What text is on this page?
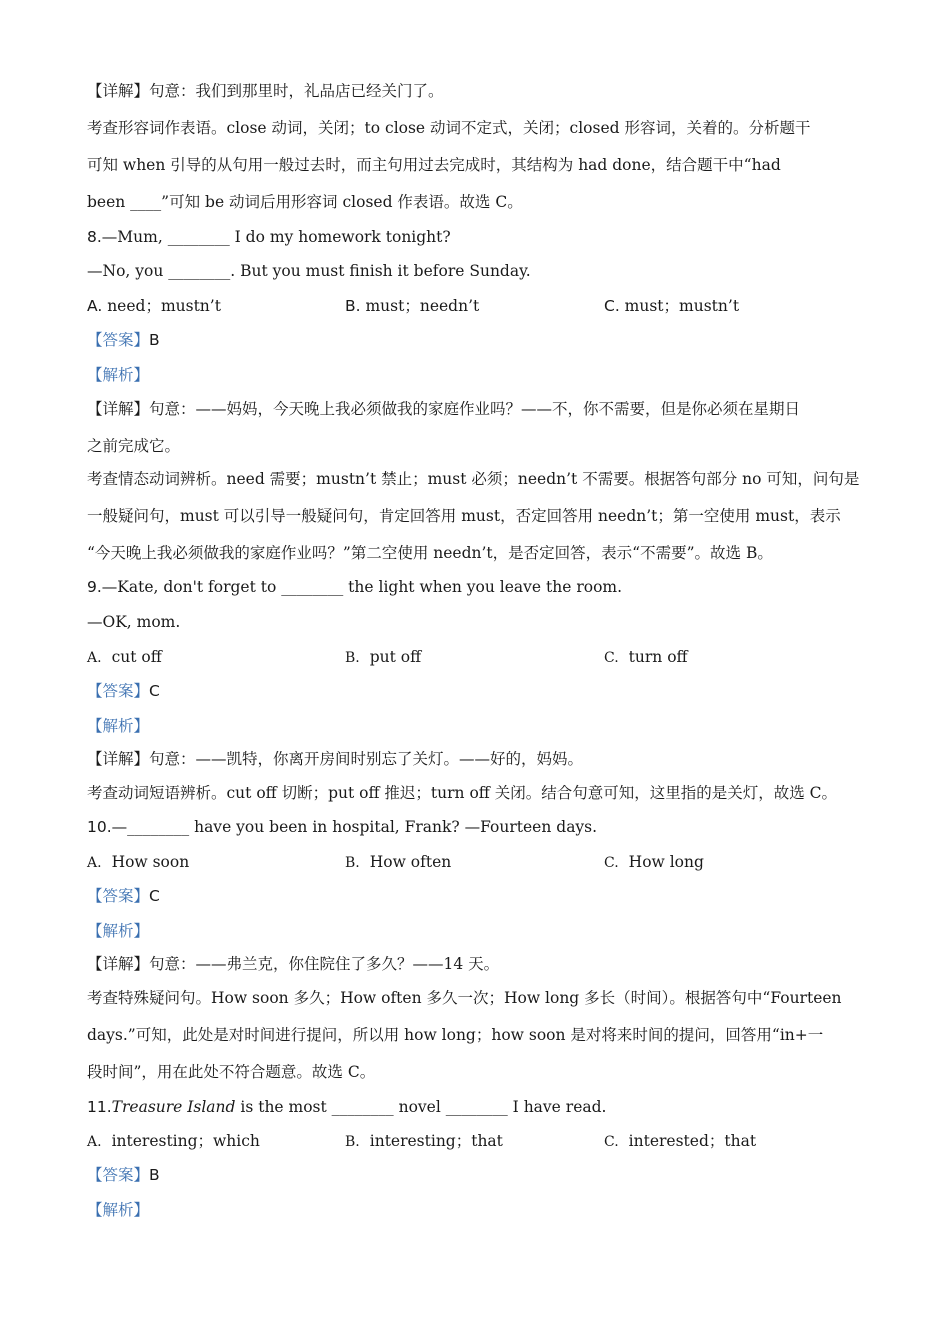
【详解】句意：我们到那里时，礼品店已经关门了。
考查形容词作表语。close 动词，关闭；to close 动词不定式，关闭；closed 形容词，关着的。分析题干
可知 when 引导的从句用一般过去时，而主句用过去完成时，其结构为 had done，结合题干中“had
been ____”可知 be 动词后用形容词 closed 作表语。故选 C。
8.—Mum, ________ I do my homework tonight?
—No, you ________. But you must finish it before Sunday.
A. need；mustn’t	B. must；needn’t	C. must；mustn’t
【答案】B
【解析】
【详解】句意：——妈妈，今天晚上我必须做我的家庭作业吗？——不，你不需要，但是你必须在星期日
之前完成它。
考查情态动词辨析。need 需要；mustn’t 禁止；must 必须；needn’t 不需要。根据答句部分 no 可知，问句是
一般疑问句，must 可以引导一般疑问句，肯定回答用 must，否定回答用 needn’t；第一空使用 must，表示
“今天晚上我必须做我的家庭作业吗？”第二空使用 needn’t，是否定回答，表示“不需要”。故选 B。
9.—Kate, don't forget to ________ the light when you leave the room.
—OK, mom.
A. cut off	B. put off	C. turn off
【答案】C
【解析】
【详解】句意：——凯特，你离开房间时别忘了关灯。——好的，妈妈。
考查动词短语辨析。cut off 切断；put off 推迟；turn off 关闭。结合句意可知，这里指的是关灯，故选 C。
10.—________ have you been in hospital, Frank? —Fourteen days.
A. How soon	B. How often	C. How long
【答案】C
【解析】
【详解】句意：——弗兰克，你住院住了多久？——14 天。
考查特殊疑问句。How soon 多久；How often 多久一次；How long 多长（时间）。根据答句中“Fourteen
days.”可知，此处是对时间进行提问，所以用 how long；how soon 是对将来时间的提问，回答用“in+一
段时间”，用在此处不符合题意。故选 C。
11.Treasure Island is the most ________ novel ________ I have read.
A. interesting；which	B. interesting；that	C. interested；that
【答案】B
【解析】
